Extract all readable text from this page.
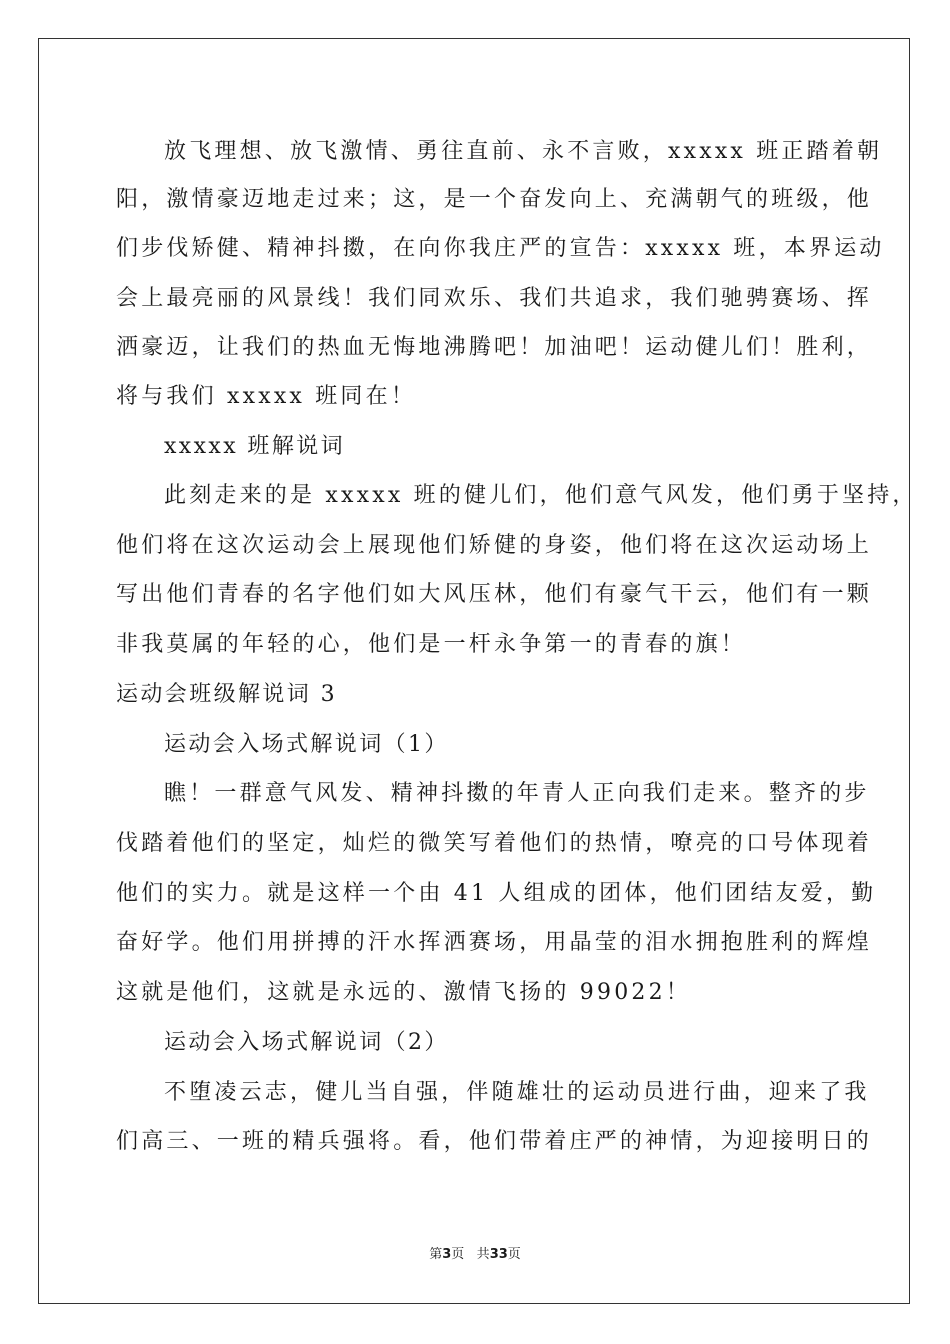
放飞理想、放飞激情、勇往直前、永不言败，xxxxx 班正踏着朝
阳，激情豪迈地走过来；这，是一个奋发向上、充满朝气的班级，他
们步伐矫健、精神抖擞，在向你我庄严的宣告：xxxxx 班，本界运动
会上最亮丽的风景线！我们同欢乐、我们共追求，我们驰骋赛场、挥
洒豪迈，让我们的热血无悔地沸腾吧！加油吧！运动健儿们！胜利，
将与我们 xxxxx 班同在！
xxxxx 班解说词
此刻走来的是 xxxxx 班的健儿们，他们意气风发，他们勇于坚持，
他们将在这次运动会上展现他们矫健的身姿，他们将在这次运动场上
写出他们青春的名字他们如大风压林，他们有豪气干云，他们有一颗
非我莫属的年轻的心，他们是一杆永争第一的青春的旗！
运动会班级解说词 3
运动会入场式解说词（1）
瞧！一群意气风发、精神抖擞的年青人正向我们走来。整齐的步
伐踏着他们的坚定，灿烂的微笑写着他们的热情，嘹亮的口号体现着
他们的实力。就是这样一个由 41 人组成的团体，他们团结友爱，勤
奋好学。他们用拼搏的汗水挥洒赛场，用晶莹的泪水拥抱胜利的辉煌
这就是他们，这就是永远的、激情飞扬的 99022！
运动会入场式解说词（2）
不堕凌云志，健儿当自强，伴随雄壮的运动员进行曲，迎来了我
们高三、一班的精兵强将。看，他们带着庄严的神情，为迎接明日的
第3页 共33页
